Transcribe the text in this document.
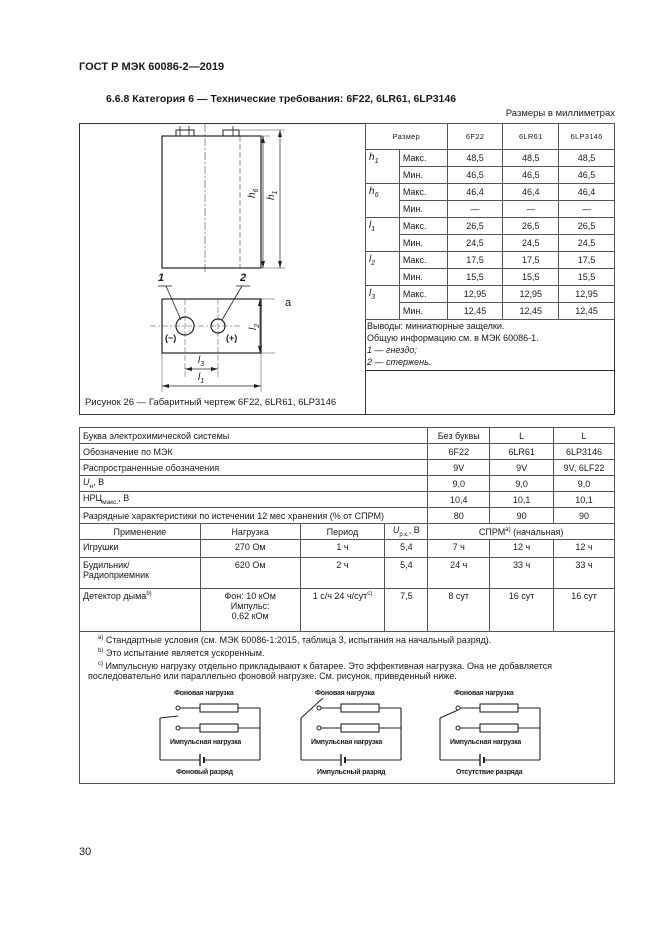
ГОСТ Р МЭК 60086-2—2019
6.6.8 Категория 6 — Технические требования: 6F22, 6LR61, 6LP3146
Размеры в миллиметрах
$h_6$
$h_1$
$l_2$
$l_3$
$l_1$
1	2
(−)	(+)
а
Рисунок 26 — Габаритный чертеж 6F22, 6LR61, 6LP3146
Размер		6F22	6LR61	6LP3146
$h_1$	Макс.	48,5	48,5	48,5
	Мин.	46,5	46,5	46,5
$h_6$	Макс.	46,4	46,4	46,4
	Мин.	—	—	—
$l_1$	Макс.	26,5	26,5	26,5
	Мин.	24,5	24,5	24,5
$l_2$	Макс.	17,5	17,5	17,5
	Мин.	15,5	15,5	15,5
$l_3$	Макс.	12,95	12,95	12,95
	Мин.	12,45	12,45	12,45
Выводы: миниатюрные защелки.
Общую информацию см. в МЭК 60086-1.
1 — гнездо;
2 — стержень.
Буква электрохимической системы				Без буквы	L	L
Обозначение по МЭК				6F22	6LR61	6LP3146
Распространенные обозначения				9V	9V	9V, 6LF22
$U_н$, В				9,0	9,0	9,0
$НРЦ_{макс.}$, В				10,4	10,1	10,1
Разрядные характеристики по истечении 12 мес хранения (% от СПРМ)				80	90	90
Применение	Нагрузка	Период	$U_{р.к.}$, В	$СПРМ^{а)}$ (начальная)		
Игрушки	270 Ом	1 ч	5,4	7 ч	12 ч	12 ч
Будильник/
Радиоприемник	620 Ом	2 ч	5,4	24 ч	33 ч	33 ч
Детектор дыма$^{b)}$	Фон: 10 кОм
Импульс:
0,62 кОм	1 с/ч 24 ч/сут$^{c)}$	7,5	8 сут	16 сут	16 сут
$^{a)}$ Стандартные условия (см. МЭК 60086-1:2015, таблица 3, испытания на начальный разряд).
$^{b)}$ Это испытание является ускоренным.
$^{c)}$ Импульсную нагрузку отдельно прикладывают к батарее. Это эффективная нагрузка. Она не добавляется
последовательно или параллельно фоновой нагрузке. См. рисунок, приведенный ниже.
Фоновая нагрузка
Импульсная нагрузка
Фоновый разряд
Фоновая нагрузка
Импульсная нагрузка
Импульсный разряд
Фоновая нагрузка
Импульсная нагрузка
Отсутствие разряда
30
